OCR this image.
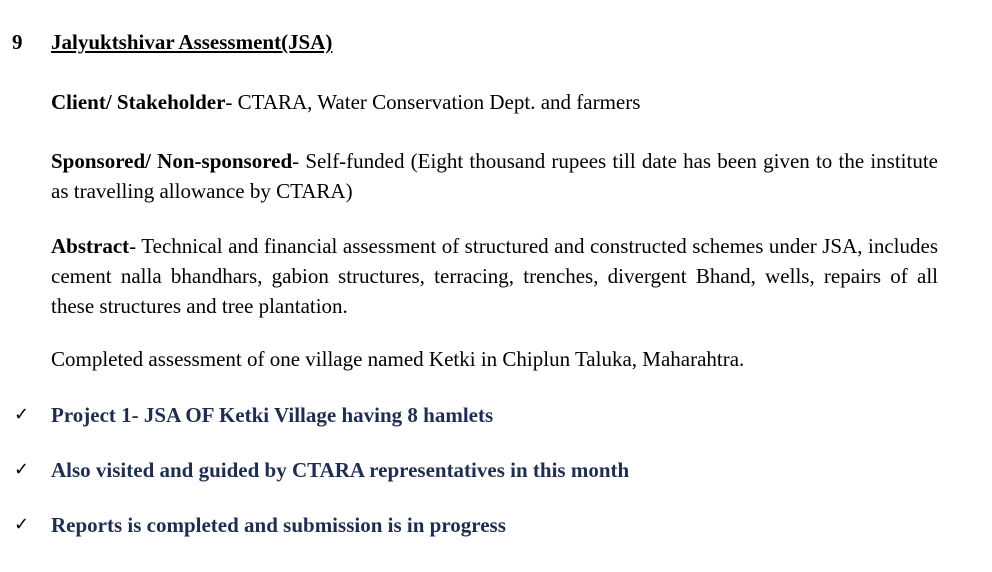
9 Jalyuktshivar Assessment(JSA)
Client/ Stakeholder- CTARA, Water Conservation Dept. and farmers
Sponsored/ Non-sponsored- Self-funded (Eight thousand rupees till date has been given to the institute as travelling allowance by CTARA)
Abstract- Technical and financial assessment of structured and constructed schemes under JSA, includes cement nalla bhandhars, gabion structures, terracing, trenches, divergent Bhand, wells, repairs of all these structures and tree plantation.
Completed assessment of one village named Ketki in Chiplun Taluka, Maharahtra.
✓ Project 1- JSA OF Ketki Village having 8 hamlets
✓ Also visited and guided by CTARA representatives in this month
✓ Reports is completed and submission is in progress
